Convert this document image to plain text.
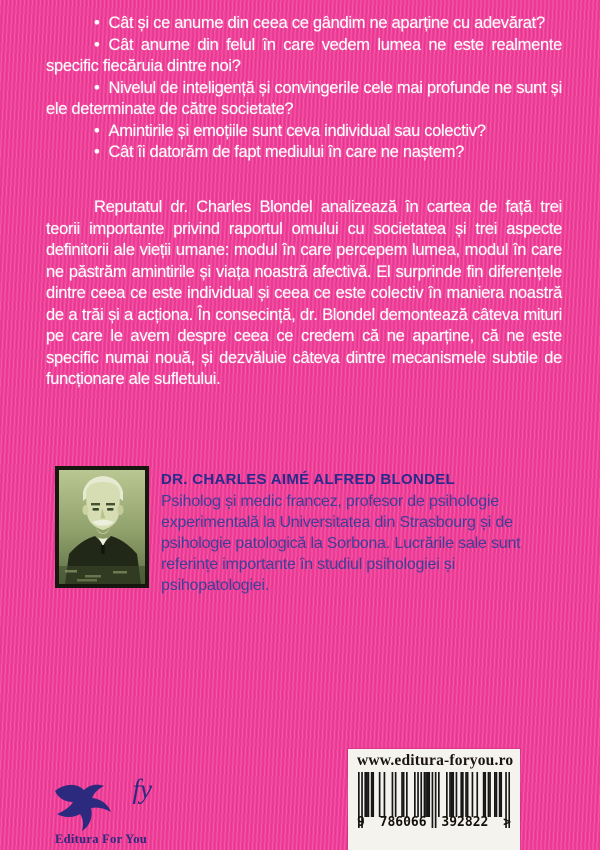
• Cât și ce anume din ceea ce gândim ne aparține cu adevărat?

• Cât anume din felul în care vedem lumea ne este realmente specific fiecăruia dintre noi?

• Nivelul de inteligență și convingerile cele mai profunde ne sunt și ele determinate de către societate?

• Amintirile și emoțiile sunt ceva individual sau colectiv?

• Cât îi datorăm de fapt mediului în care ne naștem?

Reputatul dr. Charles Blondel analizează în cartea de față trei teorii importante privind raportul omului cu societatea și trei aspecte definitorii ale vieții umane: modul în care percepem lumea, modul în care ne păstrăm amintirile și viața noastră afectivă. El surprinde fin diferențele dintre ceea ce este individual și ceea ce este colectiv în maniera noastră de a trăi și a acționa. În consecință, dr. Blondel demontează câteva mituri pe care le avem despre ceea ce credem că ne aparține, că ne este specific numai nouă, și dezvăluie câteva dintre mecanismele subtile de funcționare ale sufletului.

DR. CHARLES AIMÉ ALFRED BLONDEL

Psiholog și medic francez, profesor de psihologie experimentală la Universitatea din Strasbourg și de psihologie patologică la Sorbona. Lucrările sale sunt referințe importante în studiul psihologiei și psihopatologiei.

fy
Editura For You
www.editura-foryou.ro
9 786066 392822 >
